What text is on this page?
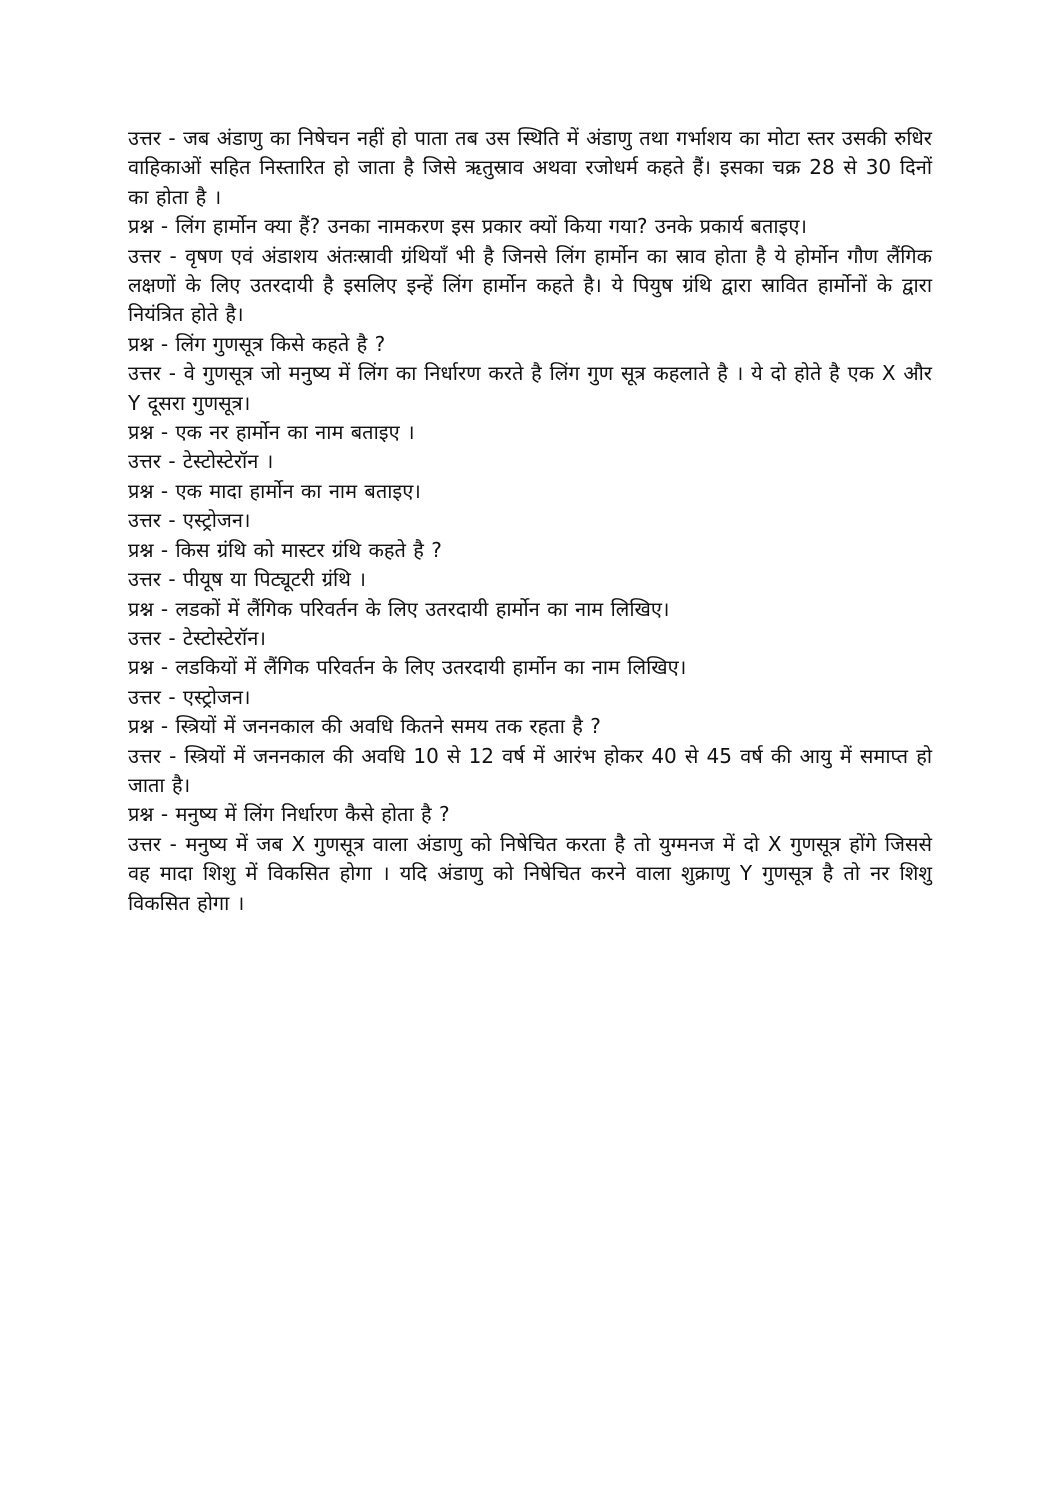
उत्तर - जब अंडाणु का निषेचन नहीं हो पाता तब उस स्थिति में अंडाणु तथा गर्भाशय का मोटा स्तर उसकी रुधिर वाहिकाओं सहित निस्तारित हो जाता है जिसे ऋतुस्राव अथवा रजोधर्म कहते हैं। इसका चक्र 28 से 30 दिनों का होता है ।

प्रश्न - लिंग हार्मोन क्या हैं? उनका नामकरण इस प्रकार क्यों किया गया? उनके प्रकार्य बताइए।

उत्तर - वृषण एवं अंडाशय अंतःस्रावी ग्रंथियाँ भी है जिनसे लिंग हार्मोन का स्राव होता है ये होर्मोन गौण लैंगिक लक्षणों के लिए उतरदायी है इसलिए इन्हें लिंग हार्मोन कहते है। ये पियुष ग्रंथि द्वारा स्रावित हार्मोनों के द्वारा नियंत्रित होते है।

प्रश्न - लिंग गुणसूत्र किसे कहते है ?

उत्तर - वे गुणसूत्र जो मनुष्य में लिंग का निर्धारण करते है लिंग गुण सूत्र कहलाते है । ये दो होते है एक X और Y दूसरा गुणसूत्र।

प्रश्न - एक नर हार्मोन का नाम बताइए ।

उत्तर - टेस्टोस्टेरॉन ।

प्रश्न - एक मादा हार्मोन का नाम बताइए।

उत्तर - एस्ट्रोजन।

प्रश्न - किस ग्रंथि को मास्टर ग्रंथि कहते है ?

उत्तर - पीयूष या पिट्यूटरी ग्रंथि ।

प्रश्न - लडकों में लैंगिक परिवर्तन के लिए उतरदायी हार्मोन का नाम लिखिए।

उत्तर - टेस्टोस्टेरॉन।

प्रश्न - लडकियों में लैंगिक परिवर्तन के लिए उतरदायी हार्मोन का नाम लिखिए।

उत्तर - एस्ट्रोजन।

प्रश्न - स्त्रियों में जननकाल की अवधि कितने समय तक रहता है ?

उत्तर - स्त्रियों में जननकाल की अवधि 10 से 12 वर्ष में आरंभ होकर 40 से 45 वर्ष की आयु में समाप्त हो जाता है।

प्रश्न - मनुष्य में लिंग निर्धारण कैसे होता है ?

उत्तर - मनुष्य में जब X गुणसूत्र वाला अंडाणु को निषेचित करता है तो युग्मनज में दो X गुणसूत्र होंगे जिससे वह मादा शिशु में विकसित होगा । यदि अंडाणु को निषेचित करने वाला शुक्राणु Y गुणसूत्र है तो नर शिशु विकसित होगा ।
